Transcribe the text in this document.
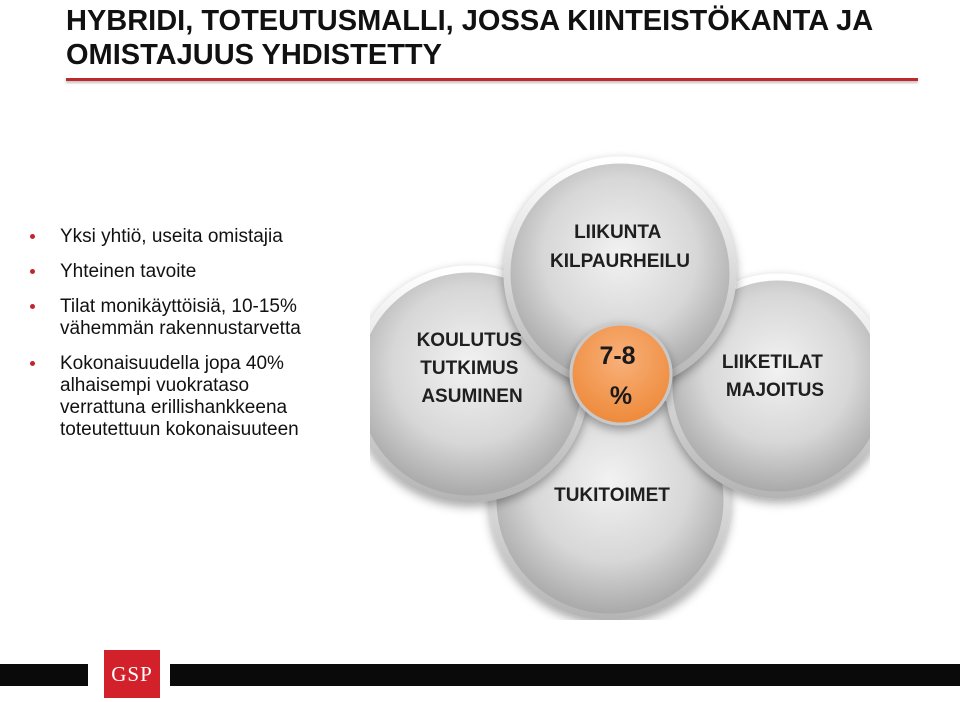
HYBRIDI, TOTEUTUSMALLI, JOSSA KIINTEISTÖKANTA JA
OMISTAJUUS YHDISTETTY
Yksi yhtiö, useita omistajia
Yhteinen tavoite
Tilat monikäyttöisiä, 10-15%
vähemmän rakennustarvetta
Kokonaisuudella jopa 40%
alhaisempi vuokrataso
verrattuna erillishankkeena
toteutettuun kokonaisuuteen
LIIKUNTA KILPAURHEILU
KOULUTUS TUTKIMUS ASUMINEN
LIIKETILAT MAJOITUS
TUKITOIMET
7-8 %
GSP
